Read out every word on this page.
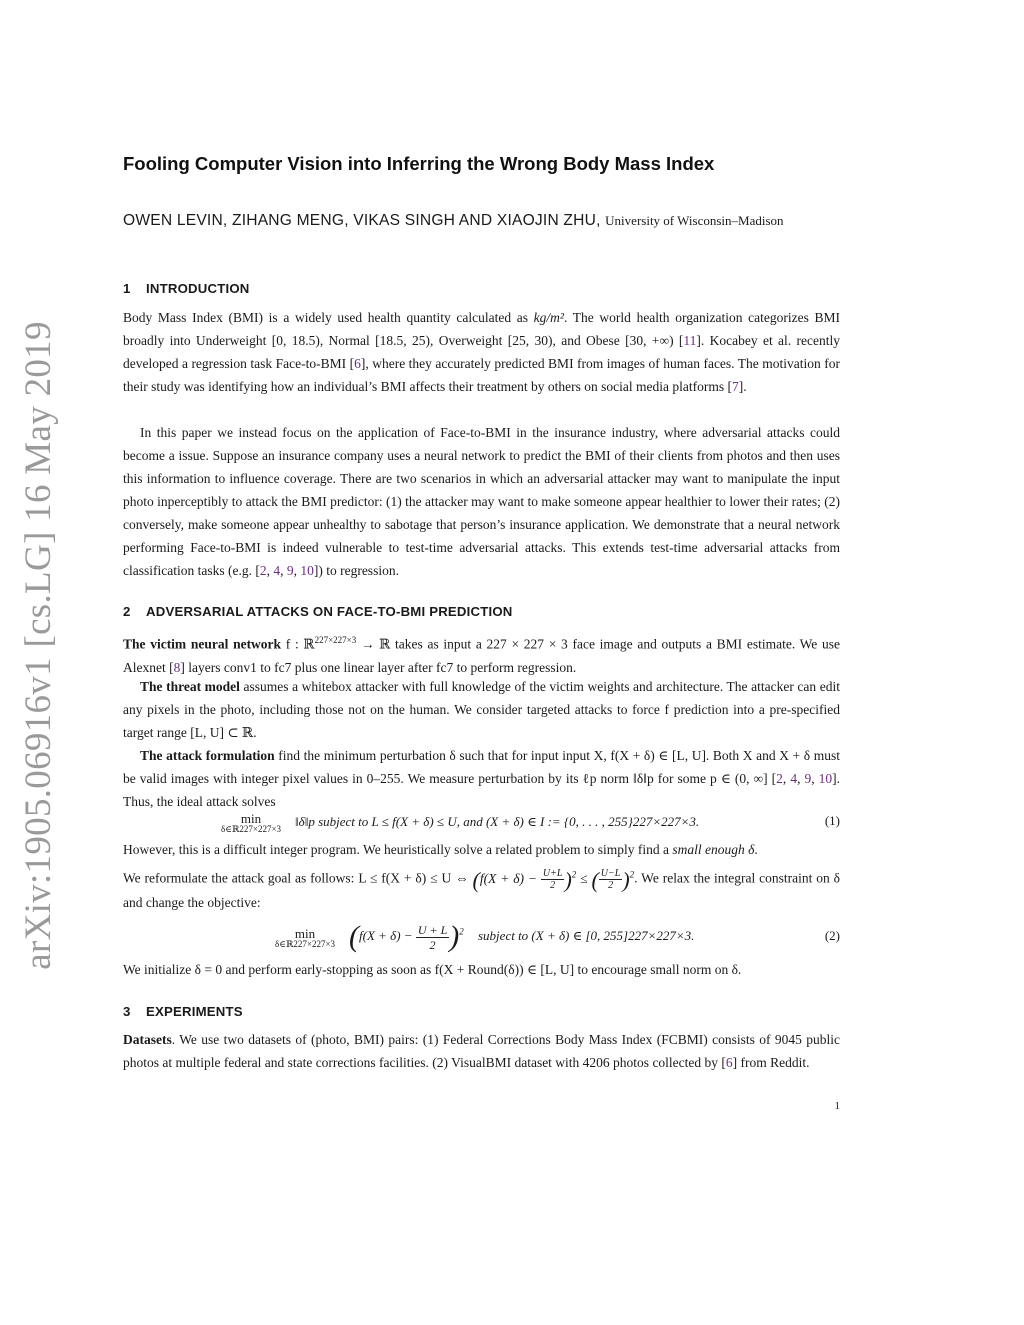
arXiv:1905.06916v1 [cs.LG] 16 May 2019
Fooling Computer Vision into Inferring the Wrong Body Mass Index
OWEN LEVIN, ZIHANG MENG, VIKAS SINGH AND XIAOJIN ZHU, University of Wisconsin–Madison
1 INTRODUCTION
Body Mass Index (BMI) is a widely used health quantity calculated as kg/m². The world health organization categorizes BMI broadly into Underweight [0, 18.5), Normal [18.5, 25), Overweight [25, 30), and Obese [30, +∞) [11]. Kocabey et al. recently developed a regression task Face-to-BMI [6], where they accurately predicted BMI from images of human faces. The motivation for their study was identifying how an individual’s BMI affects their treatment by others on social media platforms [7].
In this paper we instead focus on the application of Face-to-BMI in the insurance industry, where adversarial attacks could become a issue. Suppose an insurance company uses a neural network to predict the BMI of their clients from photos and then uses this information to influence coverage. There are two scenarios in which an adversarial attacker may want to manipulate the input photo inperceptibly to attack the BMI predictor: (1) the attacker may want to make someone appear healthier to lower their rates; (2) conversely, make someone appear unhealthy to sabotage that person’s insurance application. We demonstrate that a neural network performing Face-to-BMI is indeed vulnerable to test-time adversarial attacks. This extends test-time adversarial attacks from classification tasks (e.g. [2, 4, 9, 10]) to regression.
2 ADVERSARIAL ATTACKS ON FACE-TO-BMI PREDICTION
The victim neural network f : ℝ$^{227\times 227\times 3}$ → ℝ takes as input a 227 × 227 × 3 face image and outputs a BMI estimate. We use Alexnet [8] layers conv1 to fc7 plus one linear layer after fc7 to perform regression.
The threat model assumes a whitebox attacker with full knowledge of the victim weights and architecture. The attacker can edit any pixels in the photo, including those not on the human. We consider targeted attacks to force f prediction into a pre-specified target range [L, U] ⊂ ℝ.
The attack formulation find the minimum perturbation δ such that for input input X, f(X + δ) ∈ [L, U]. Both X and X + δ must be valid images with integer pixel values in 0–255. We measure perturbation by its ℓp norm ‖δ‖p for some p ∈ (0, ∞] [2, 4, 9, 10]. Thus, the ideal attack solves
min
δ∈ℝ227×227×3 ‖δ‖p subject to L ≤ f(X + δ) ≤ U, and (X + δ) ∈ I := {0, . . . , 255}227×227×3.	(1)
However, this is a difficult integer program. We heuristically solve a related problem to simply find a small enough δ.
We reformulate the attack goal as follows: L ≤ f(X + δ) ≤ U ⇔ $(f(X + \delta) - \frac{U+L}{2} )^2$ ≤ ( $\frac{U-L}{2} )^2$. We relax the integral constraint on δ and change the objective:
min
δ∈ℝ227×227×3 $(f(X + \delta) - \frac{U + L}{2} )^2$ subject to (X + δ) ∈ [0, 255]227×227×3.	(2)
We initialize δ = 0 and perform early-stopping as soon as f(X + Round(δ)) ∈ [L, U] to encourage small norm on δ.
3 EXPERIMENTS
Datasets. We use two datasets of (photo, BMI) pairs: (1) Federal Corrections Body Mass Index (FCBMI) consists of 9045 public photos at multiple federal and state corrections facilities. (2) VisualBMI dataset with 4206 photos collected by [6] from Reddit.
1
